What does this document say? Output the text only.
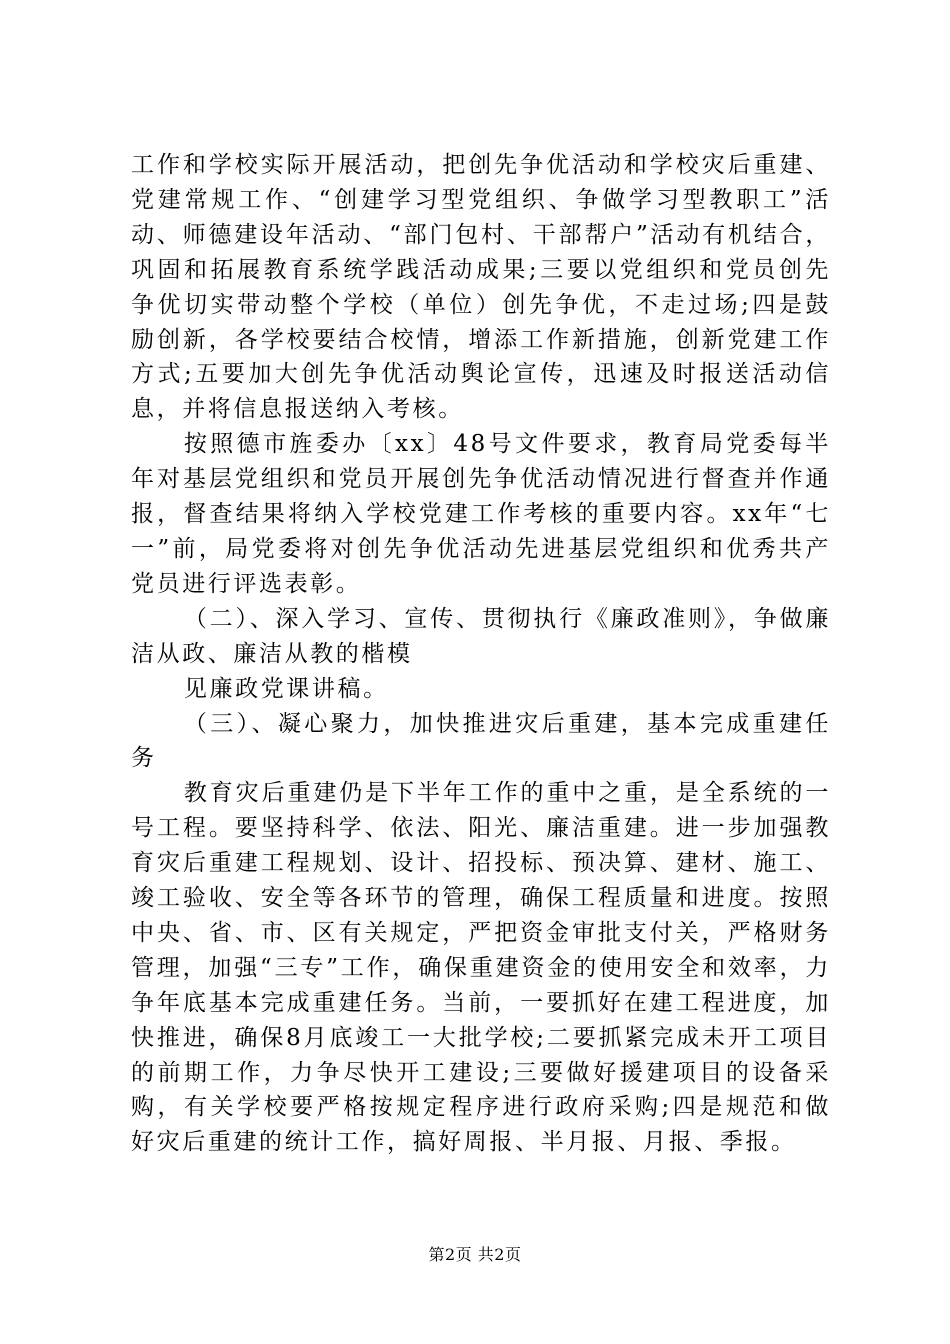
工作和学校实际开展活动，把创先争优活动和学校灾后重建、党建常规工作、“创建学习型党组织、争做学习型教职工”活动、师德建设年活动、“部门包村、干部帮户”活动有机结合，巩固和拓展教育系统学践活动成果;三要以党组织和党员创先争优切实带动整个学校（单位）创先争优，不走过场;四是鼓励创新，各学校要结合校情，增添工作新措施，创新党建工作方式;五要加大创先争优活动舆论宣传，迅速及时报送活动信息，并将信息报送纳入考核。

按照德市旌委办〔xx〕48号文件要求，教育局党委每半年对基层党组织和党员开展创先争优活动情况进行督查并作通报，督查结果将纳入学校党建工作考核的重要内容。xx年“七一”前，局党委将对创先争优活动先进基层党组织和优秀共产党员进行评选表彰。

（二）、深入学习、宣传、贯彻执行《廉政准则》，争做廉洁从政、廉洁从教的楷模

见廉政党课讲稿。

（三）、凝心聚力，加快推进灾后重建，基本完成重建任务

教育灾后重建仍是下半年工作的重中之重，是全系统的一号工程。要坚持科学、依法、阳光、廉洁重建。进一步加强教育灾后重建工程规划、设计、招投标、预决算、建材、施工、竣工验收、安全等各环节的管理，确保工程质量和进度。按照中央、省、市、区有关规定，严把资金审批支付关，严格财务管理，加强“三专”工作，确保重建资金的使用安全和效率，力争年底基本完成重建任务。当前，一要抓好在建工程进度，加快推进，确保8月底竣工一大批学校;二要抓紧完成未开工项目的前期工作，力争尽快开工建设;三要做好援建项目的设备采购，有关学校要严格按规定程序进行政府采购;四是规范和做好灾后重建的统计工作，搞好周报、半月报、月报、季报。

第2页 共2页
